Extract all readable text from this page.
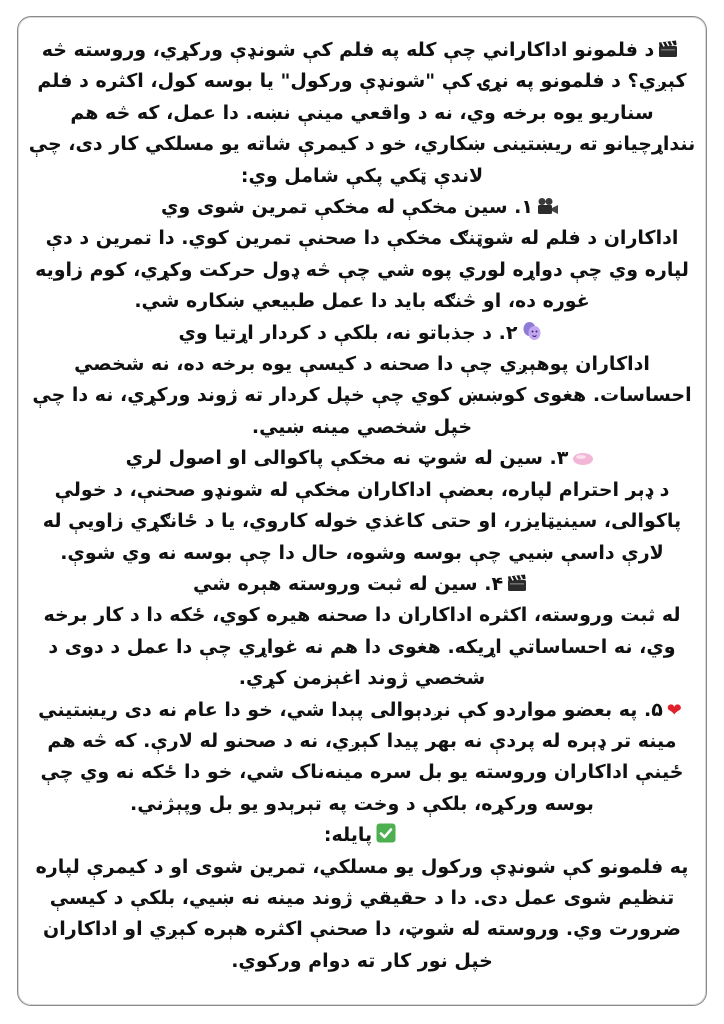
د فلمونو اداکاراني چې کله په فلم کې شونډې ورکړي، وروسته څه کېږي؟ د فلمونو په نړۍ کې "شونډې ورکول" یا بوسه کول، اکثره د فلم سناریو یوه برخه وي، نه د واقعي مینې نښه. دا عمل، که څه هم ننداړچیانو ته ریښتینی ښکاري، خو د کیمرې شاته یو مسلکي کار دی، چې لاندې ټکي پکې شامل وي:

۱. سین مخکې له مخکې تمرین شوی وي

اداکاران د فلم له شوټنګ مخکې دا صحنې تمرین کوي. دا تمرین د دې لپاره وي چې دواړه لوري پوه شي چې څه ډول حرکت وکړي، کوم زاویه غوره ده، او څنګه باید دا عمل طبیعي ښکاره شي.

۲. د جذباتو نه، بلکې د کردار اړتیا وي

اداکاران پوهېږي چې دا صحنه د کیسې یوه برخه ده، نه شخصي احساسات. هغوی کوښښ کوي چې خپل کردار ته ژوند ورکړي، نه دا چې خپل شخصي مینه ښیي.

۳. سین له شوټ نه مخکې پاکوالی او اصول لري

د ډېر احترام لپاره، بعضې اداکاران مخکې له شونډو صحنې، د خولې پاکوالی، سینیټایزر، او حتی کاغذي خوله کاروي، یا د ځانګړي زاویې له لارې داسې ښیي چې بوسه وشوه، حال دا چې بوسه نه وي شوې.

۴. سین له ثبت وروسته هېره شي

له ثبت وروسته، اکثره اداکاران دا صحنه هیره کوي، ځکه دا د کار برخه وي، نه احساساتي اړیکه. هغوی دا هم نه غواړي چې دا عمل د دوی د شخصي ژوند اغېزمن کړي.

❤۵. په بعضو مواردو کې نږدېوالی پېدا شي، خو دا عام نه دی ریښتیني مینه تر ډېره له پردې نه بهر پیدا کېږي، نه د صحنو له لارې. که څه هم ځینې اداکاران وروسته یو بل سره مینه‌ناک شي، خو دا ځکه نه وي چې بوسه ورکړه، بلکې د وخت په تېرېدو یو بل وپېژني.

پایله:

په فلمونو کې شونډې ورکول یو مسلکي، تمرین شوی او د کیمرې لپاره تنظیم شوی عمل دی. دا د حقیقي ژوند مینه نه ښیي، بلکې د کیسې ضرورت وي. وروسته له شوټ، دا صحنې اکثره هېره کېږي او اداکاران خپل نور کار ته دوام ورکوي.
